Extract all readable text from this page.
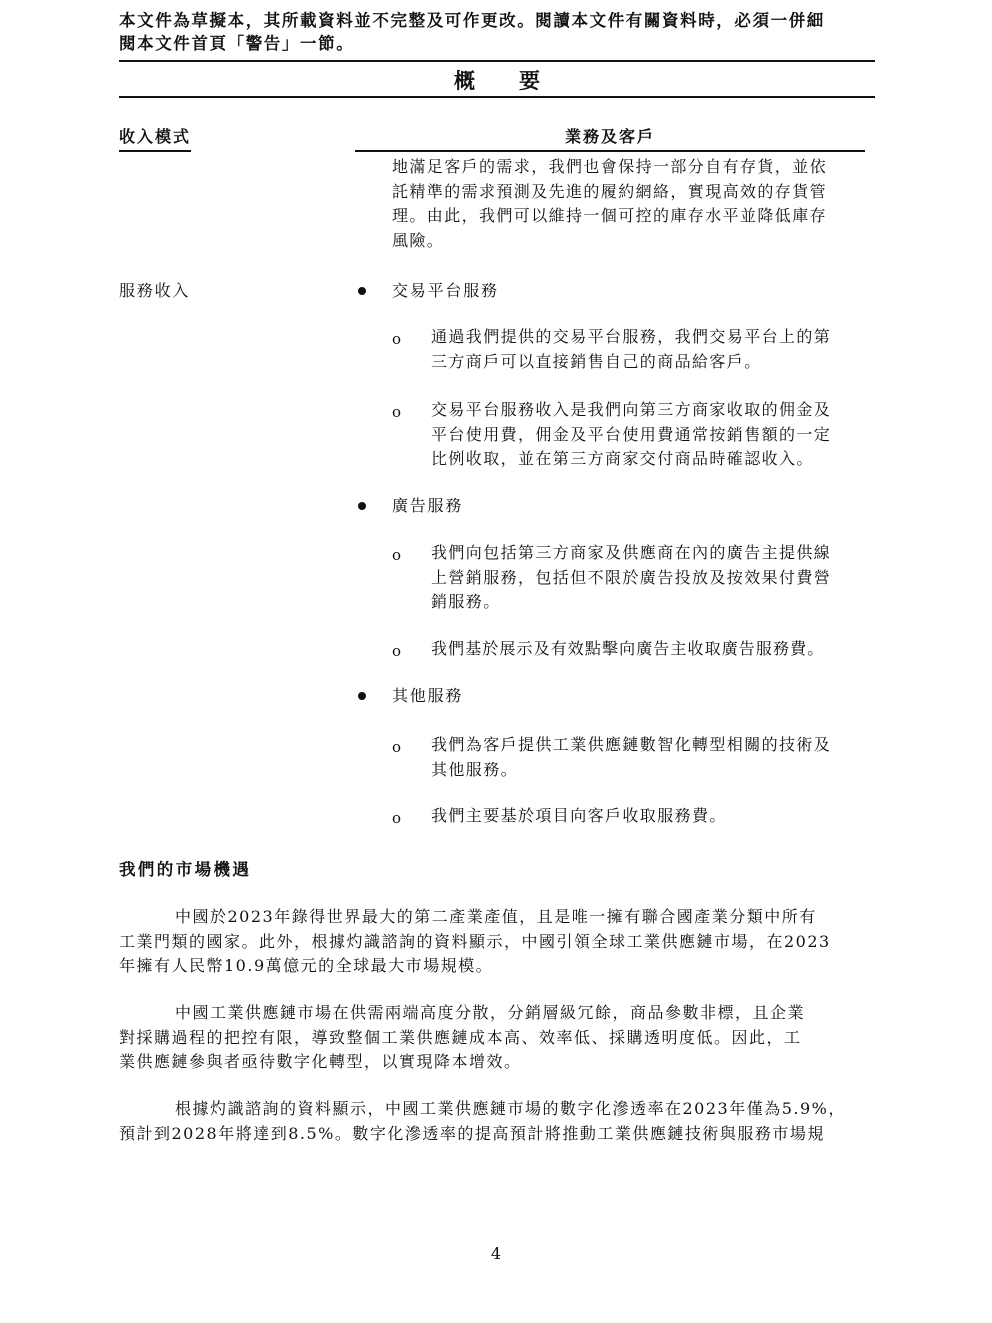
本文件為草擬本，其所載資料並不完整及可作更改。閱讀本文件有關資料時，必須一併細
閱本文件首頁「警告」一節。
概要
收入模式	業務及客戶
地滿足客戶的需求，我們也會保持一部分自有存貨，並依
託精準的需求預測及先進的履約網絡，實現高效的存貨管
理。由此，我們可以維持一個可控的庫存水平並降低庫存
風險。
服務收入	交易平台服務
o 通過我們提供的交易平台服務，我們交易平台上的第
三方商戶可以直接銷售自己的商品給客戶。
o 交易平台服務收入是我們向第三方商家收取的佣金及
平台使用費，佣金及平台使用費通常按銷售額的一定
比例收取，並在第三方商家交付商品時確認收入。
廣告服務
o 我們向包括第三方商家及供應商在內的廣告主提供線
上營銷服務，包括但不限於廣告投放及按效果付費營
銷服務。
o 我們基於展示及有效點擊向廣告主收取廣告服務費。
其他服務
o 我們為客戶提供工業供應鏈數智化轉型相關的技術及
其他服務。
o 我們主要基於項目向客戶收取服務費。
我們的市場機遇
中國於2023年錄得世界最大的第二產業產值，且是唯一擁有聯合國產業分類中所有
工業門類的國家。此外，根據灼識諮詢的資料顯示，中國引領全球工業供應鏈市場，在2023
年擁有人民幣10.9萬億元的全球最大市場規模。
中國工業供應鏈市場在供需兩端高度分散，分銷層級冗餘，商品參數非標，且企業
對採購過程的把控有限，導致整個工業供應鏈成本高、效率低、採購透明度低。因此，工
業供應鏈參與者亟待數字化轉型，以實現降本增效。
根據灼識諮詢的資料顯示，中國工業供應鏈市場的數字化滲透率在2023年僅為5.9%，
預計到2028年將達到8.5%。數字化滲透率的提高預計將推動工業供應鏈技術與服務市場規
4
